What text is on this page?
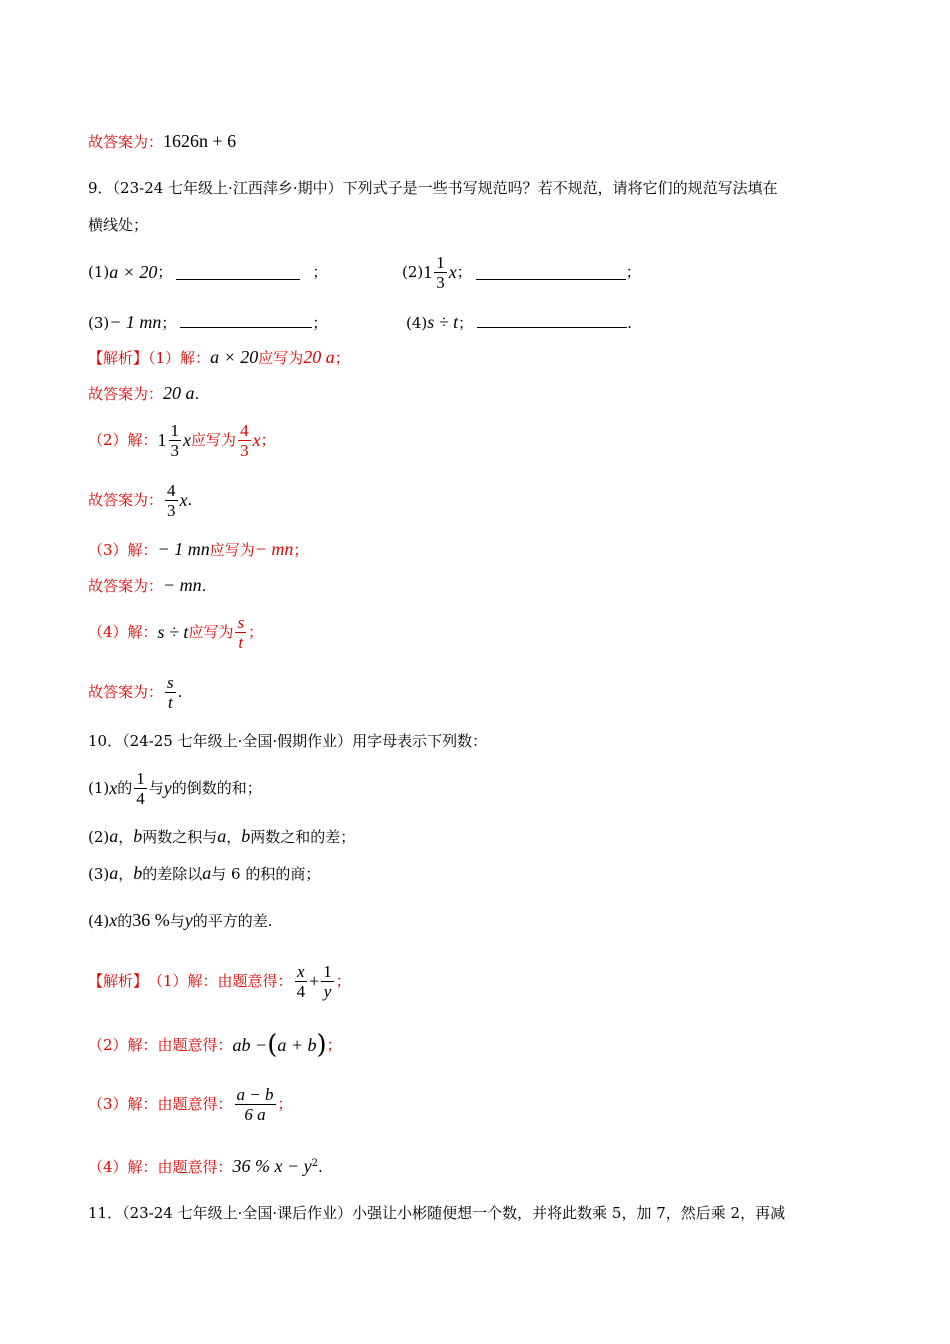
故答案为：1626n + 6
9．（23-24 七年级上·江西萍乡·期中）下列式子是一些书写规范吗？若不规范，请将它们的规范写法填在
横线处；
(1) a × 20 ；	；	(2) $1 \frac{1}{3}$ x ；	；
(3)− 1 mn；	；	(4)s ÷ t；	.
【解析】（1）解：a × 20应写为20 a；
故答案为：20 a.
（2）解： $1 \frac{1}{3}$ x 应写为 $\frac{4}{3}$ x ；
故答案为： $\frac{4}{3}$ x .
（3）解：− 1 mn应写为− mn；
故答案为：− mn.
（4）解： s ÷ t 应写为 $\frac{s}{t}$ ；
故答案为： $\frac{s}{t}$ .
10．（24-25 七年级上·全国·假期作业）用字母表示下列数：
(1) x 的 $\frac{1}{4}$ 与 y 的倒数的和；
(2)a，b两数之积与a，b两数之和的差；
(3)a，b的差除以a与 6 的积的商；
(4)x的36 %与y的平方的差.
【解析】 （1）解：由题意得： $\frac{x}{4} + \frac{1}{y}$ ；
（2）解：由题意得： ab − ( a + b ) ；
（3）解：由题意得： $\frac{a - b}{6 a}$ ；
（4）解：由题意得：36 % $x - y^2$.
11．（23-24 七年级上·全国·课后作业）小强让小彬随便想一个数，并将此数乘 5，加 7，然后乘 2，再减
